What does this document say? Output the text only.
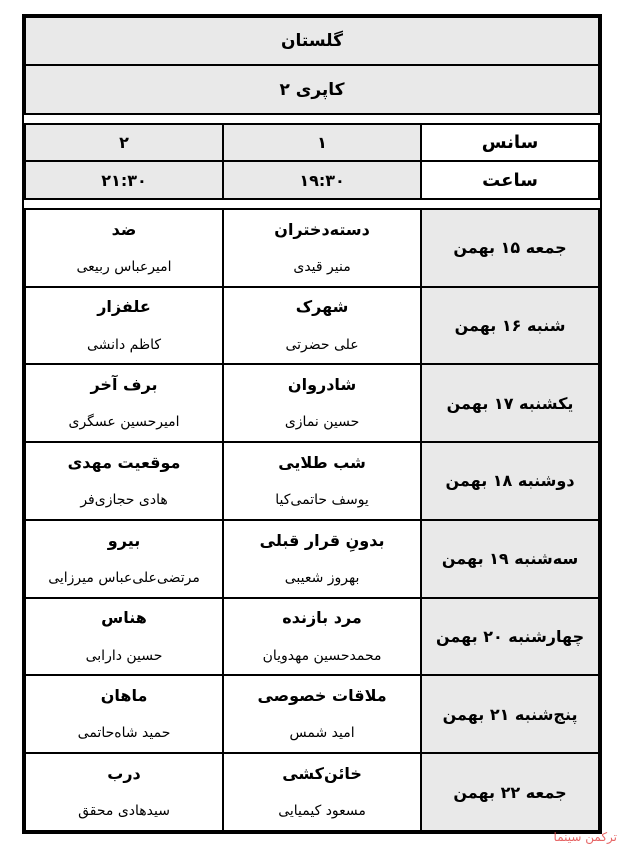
گلستان		
کاپری ۲		

سانس	۱	۲
ساعت	۱۹:۳۰	۲۱:۳۰

جمعه ۱۵ بهمن	دسته‌دختران	ضد
	منیر قیدی	امیرعباس ربیعی
شنبه ۱۶ بهمن	شهرک	علفزار
	علی حضرتی	کاظم دانشی
یکشنبه ۱۷ بهمن	شادروان	برف آخر
	حسین نمازی	امیرحسین عسگری
دوشنبه ۱۸ بهمن	شب طلایی	موقعیت مهدی
	یوسف حاتمی‌کیا	هادی حجازی‌فر
سه‌شنبه ۱۹ بهمن	بدونِ قرار قبلی	بیرو
	بهروز شعیبی	مرتضی‌علی‌عباس میرزایی
چهارشنبه ۲۰ بهمن	مرد بازنده	هناس
	محمدحسین مهدویان	حسین دارابی
پنج‌شنبه ۲۱ بهمن	ملاقات خصوصی	ماهان
	امید شمس	حمید شاه‌حاتمی
جمعه ۲۲ بهمن	خائن‌کشی	درب
	مسعود کیمیایی	سیدهادی محقق
ترکمن سینما
